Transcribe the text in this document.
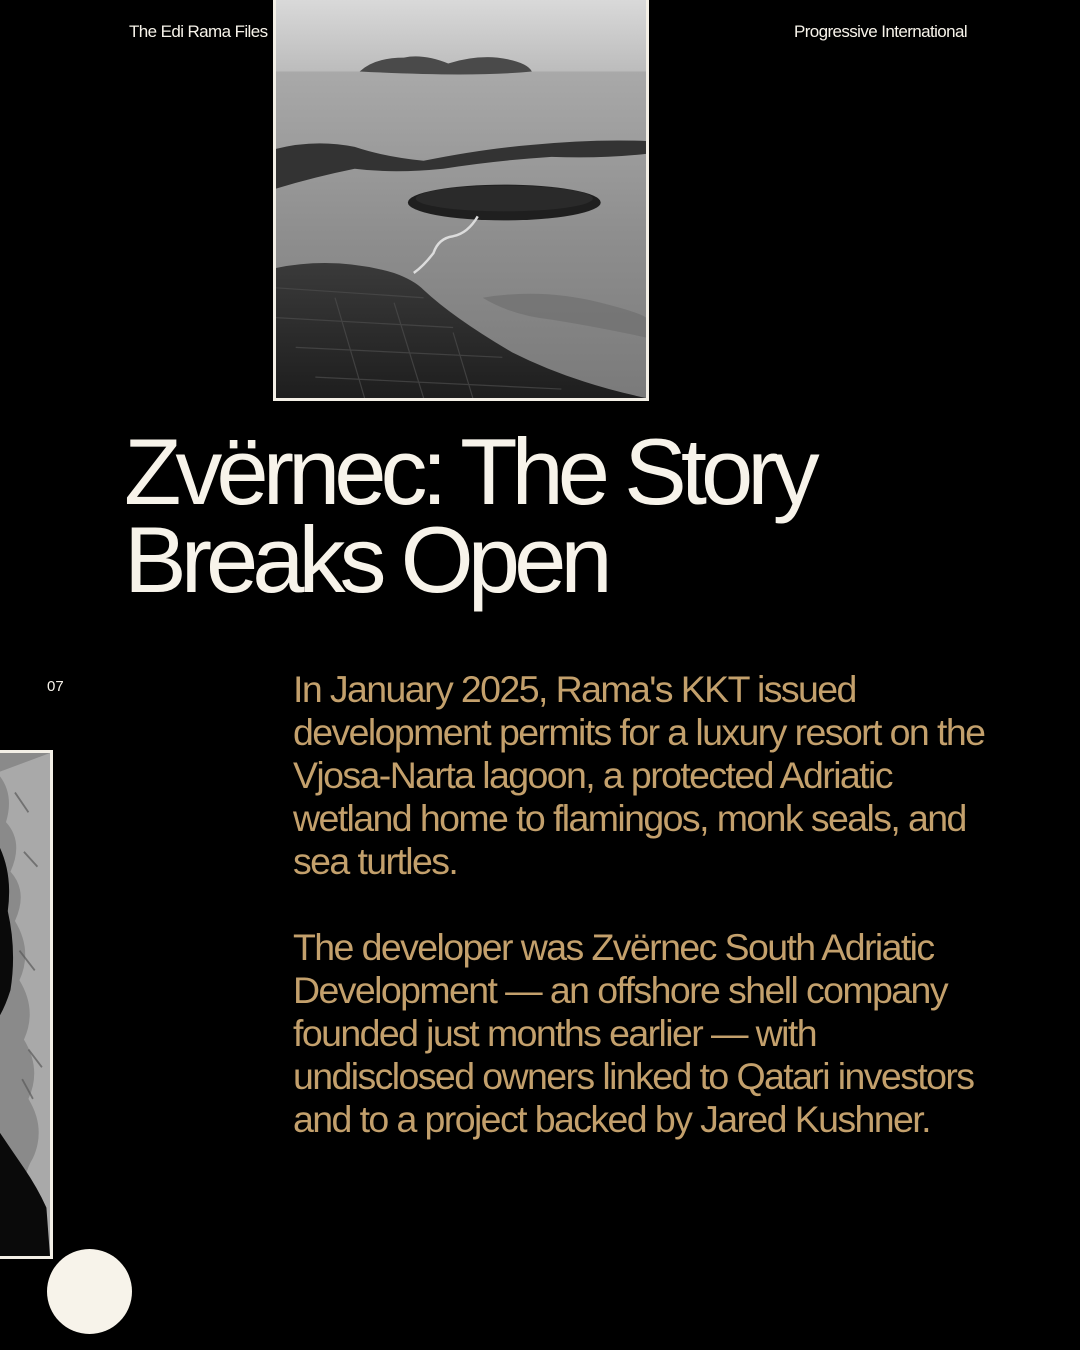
The Edi Rama Files	Progressive International
Zvërnec: The Story
Breaks Open
07	In January 2025, Rama's KKT issued development permits for a luxury resort on the Vjosa-Narta lagoon, a protected Adriatic wetland home to flamingos, monk seals, and sea turtles.

The developer was Zvërnec South Adriatic Development — an offshore shell company founded just months earlier — with undisclosed owners linked to Qatari investors and to a project backed by Jared Kushner.
